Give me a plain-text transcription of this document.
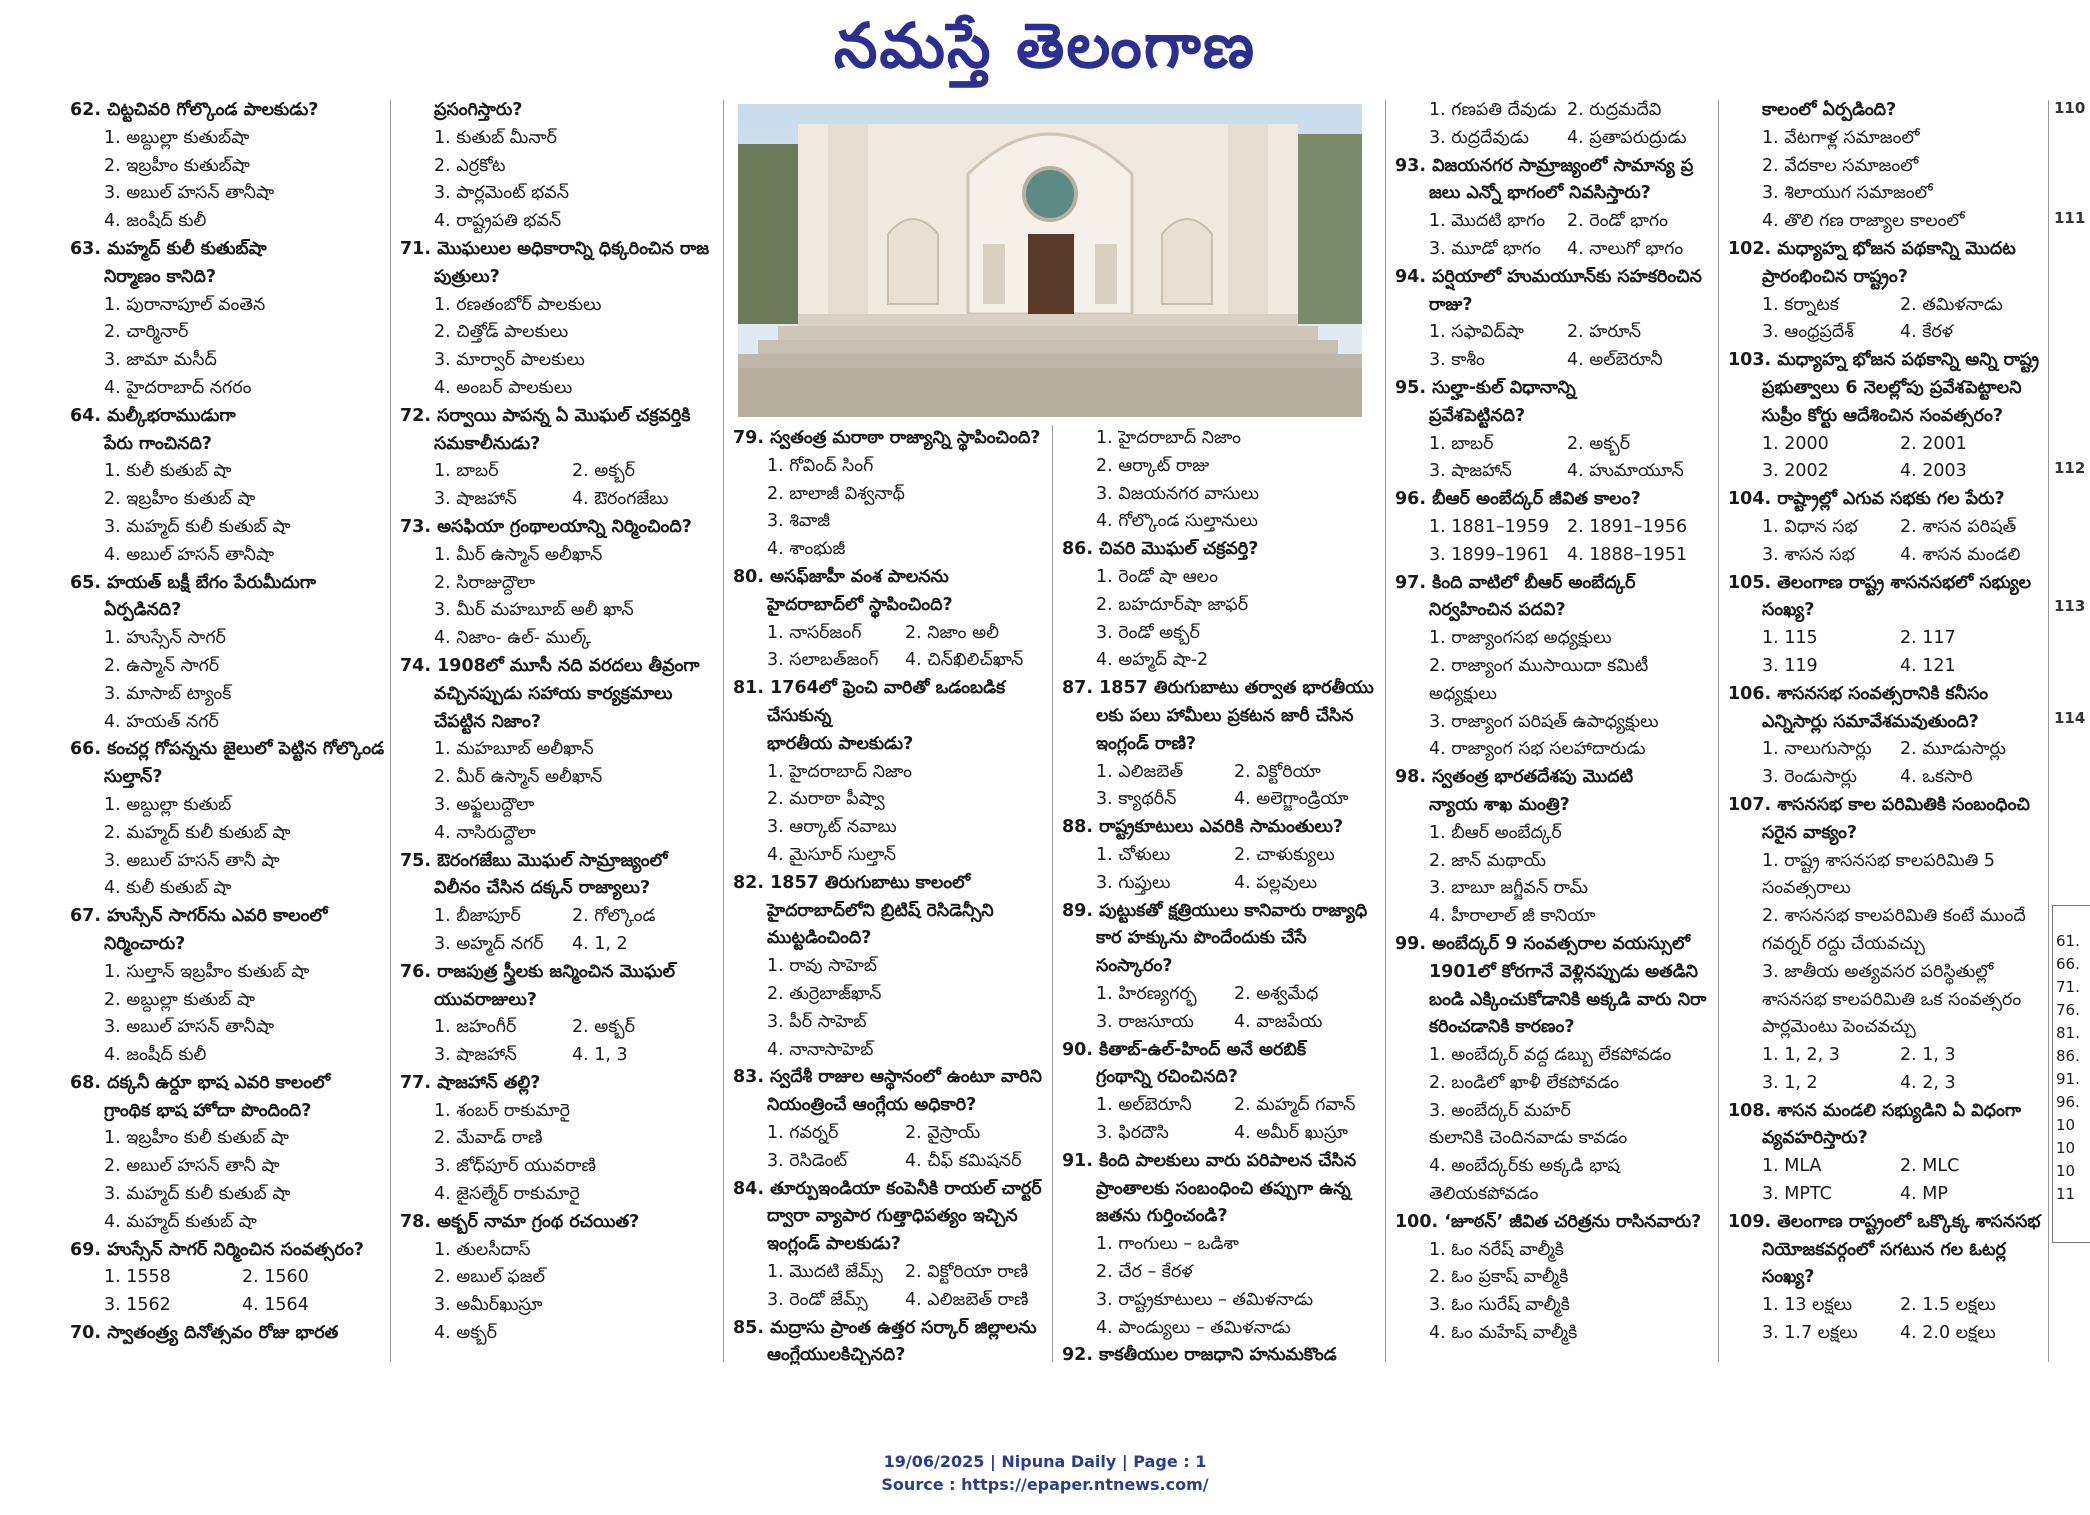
నమస్తే తెలంగాణ
62. చిట్టచివరి గోల్కొండ పాలకుడు?
1. అబ్దుల్లా కుతుబ్‌షా
2. ఇబ్రహీం కుతుబ్‌షా
3. అబుల్ హసన్ తానీషా
4. జంషీద్ కులీ
63. మహ్మద్ కులీ కుతుబ్‌షా
నిర్మాణం కానిది?
1. పురానాపూల్ వంతెన
2. చార్మినార్
3. జామా మసీద్
4. హైదరాబాద్ నగరం
64. మల్కీభరాముడుగా
పేరు గాంచినది?
1. కులీ కుతుబ్ షా
2. ఇబ్రహీం కుతుబ్ షా
3. మహ్మద్ కులీ కుతుబ్ షా
4. అబుల్ హసన్ తానీషా
65. హయత్ బక్షీ బేగం పేరుమీదుగా
ఏర్పడినది?
1. హుస్సేన్ సాగర్
2. ఉస్మాన్ సాగర్
3. మాసాబ్ ట్యాంక్
4. హయత్ నగర్
66. కంచర్ల గోపన్నను జైలులో పెట్టిన గోల్కొండ
సుల్తాన్?
1. అబ్దుల్లా కుతుబ్
2. మహ్మద్ కులీ కుతుబ్ షా
3. అబుల్ హసన్ తానీ షా
4. కులీ కుతుబ్ షా
67. హుస్సేన్ సాగర్‌ను ఎవరి కాలంలో
నిర్మించారు?
1. సుల్తాన్ ఇబ్రహీం కుతుబ్ షా
2. అబ్దుల్లా కుతుబ్ షా
3. అబుల్ హసన్ తానీషా
4. జంషీద్ కులీ
68. దక్కనీ ఉర్దూ భాష ఎవరి కాలంలో
గ్రాంథిక భాష హోదా పొందింది?
1. ఇబ్రహీం కులీ కుతుబ్ షా
2. అబుల్ హసన్ తానీ షా
3. మహ్మద్ కులీ కుతుబ్ షా
4. మహ్మద్ కుతుబ్ షా
69. హుస్సేన్ సాగర్ నిర్మించిన సంవత్సరం?
1. 1558	2. 1560
3. 1562	4. 1564
70. స్వాతంత్ర్య దినోత్సవం రోజు భారత
ప్రసంగిస్తారు?
1. కుతుబ్ మీనార్
2. ఎర్రకోట
3. పార్లమెంట్ భవన్
4. రాష్ట్రపతి భవన్
71. మొఘలుల అధికారాన్ని ధిక్కరించిన రాజ
పుత్రులు?
1. రణతంబోర్ పాలకులు
2. చిత్తోడ్ పాలకులు
3. మార్వార్ పాలకులు
4. అంబర్ పాలకులు
72. సర్వాయి పాపన్న ఏ మొఘల్ చక్రవర్తికి
సమకాలీనుడు?
1. బాబర్	2. అక్బర్
3. షాజహాన్	4. ఔరంగజేబు
73. అసఫియా గ్రంథాలయాన్ని నిర్మించింది?
1. మీర్ ఉస్మాన్ అలీఖాన్
2. సిరాజుద్దౌలా
3. మీర్ మహబూబ్ అలీ ఖాన్
4. నిజాం- ఉల్- ముల్క్
74. 1908లో మూసీ నది వరదలు తీవ్రంగా
వచ్చినప్పుడు సహాయ కార్యక్రమాలు
చేపట్టిన నిజాం?
1. మహబూబ్ అలీఖాన్
2. మీర్ ఉస్మాన్ అలీఖాన్
3. అఫ్జలుద్దౌలా
4. నాసిరుద్దౌలా
75. ఔరంగజేబు మొఘల్ సామ్రాజ్యంలో
విలీనం చేసిన దక్కన్ రాజ్యాలు?
1. బీజాపూర్	2. గోల్కొండ
3. అహ్మద్ నగర్	4. 1, 2
76. రాజపుత్ర స్త్రీలకు జన్మించిన మొఘల్
యువరాజులు?
1. జహంగీర్	2. అక్బర్
3. షాజహాన్	4. 1, 3
77. షాజహాన్ తల్లి?
1. శంబర్ రాకుమారై
2. మేవాడ్ రాణి
3. జోధ్‌పూర్ యువరాణి
4. జైసల్మేర్ రాకుమారై
78. అక్బర్ నామా గ్రంథ రచయిత?
1. తులసీదాస్
2. అబుల్ ఫజల్
3. అమీర్‌ఖుస్రూ
4. అక్బర్
79. స్వతంత్ర మరాఠా రాజ్యాన్ని స్థాపించింది?
1. గోవింద్ సింగ్
2. బాలాజీ విశ్వనాథ్
3. శివాజీ
4. శాంభుజీ
80. అసఫ్‌జాహీ వంశ పాలనను
హైదరాబాద్‌లో స్థాపించింది?
1. నాసర్‌జంగ్	2. నిజాం అలీ
3. సలాబత్‌జంగ్	4. చిన్‌ఖిలిచ్‌ఖాన్
81. 1764లో ఫ్రెంచి వారితో ఒడంబడిక
చేసుకున్న
భారతీయ పాలకుడు?
1. హైదరాబాద్ నిజాం
2. మరాఠా పీష్వా
3. ఆర్కాట్ నవాబు
4. మైసూర్ సుల్తాన్
82. 1857 తిరుగుబాటు కాలంలో
హైదరాబాద్‌లోని బ్రిటిష్ రెసిడెన్సీని
ముట్టడించింది?
1. రావు సాహెబ్
2. తుర్రెబాజ్‌ఖాన్
3. పీర్ సాహెబ్
4. నానాసాహెబ్
83. స్వదేశీ రాజుల ఆస్థానంలో ఉంటూ వారిని
నియంత్రించే ఆంగ్లేయ అధికారి?
1. గవర్నర్	2. వైస్రాయ్
3. రెసిడెంట్	4. చీఫ్ కమిషనర్
84. తూర్పుఇండియా కంపెనీకి రాయల్ చార్టర్
ద్వారా వ్యాపార గుత్తాధిపత్యం ఇచ్చిన
ఇంగ్లండ్ పాలకుడు?
1. మొదటి జేమ్స్	2. విక్టోరియా రాణి
3. రెండో జేమ్స్	4. ఎలిజబెత్ రాణి
85. మద్రాసు ప్రాంత ఉత్తర సర్కార్ జిల్లాలను
ఆంగ్లేయులకిచ్చినది?
1. హైదరాబాద్ నిజాం
2. ఆర్కాట్ రాజు
3. విజయనగర వాసులు
4. గోల్కొండ సుల్తానులు
86. చివరి మొఘల్ చక్రవర్తి?
1. రెండో షా ఆలం
2. బహదూర్‌షా జాఫర్
3. రెండో అక్బర్
4. అహ్మద్ షా-2
87. 1857 తిరుగుబాటు తర్వాత భారతీయు
లకు పలు హామీలు ప్రకటన జారీ చేసిన
ఇంగ్లండ్ రాణి?
1. ఎలిజబెత్	2. విక్టోరియా
3. క్యాథరీన్	4. అలెగ్జాండ్రియా
88. రాష్ట్రకూటులు ఎవరికి సామంతులు?
1. చోళులు	2. చాళుక్యులు
3. గుప్తులు	4. పల్లవులు
89. పుట్టుకతో క్షత్రియులు కానివారు రాజ్యాధి
కార హక్కును పొందేందుకు చేసే సంస్కారం?
1. హిరణ్యగర్భ	2. అశ్వమేధ
3. రాజసూయ	4. వాజపేయ
90. కితాబ్-ఉల్-హింద్ అనే అరబిక్
గ్రంథాన్ని రచించినది?
1. అల్‌బెరూనీ	2. మహ్మద్ గవాన్
3. ఫిరదౌసి	4. అమీర్ ఖుస్రూ
91. కింది పాలకులు వారు పరిపాలన చేసిన
ప్రాంతాలకు సంబంధించి తప్పుగా ఉన్న
జతను గుర్తించండి?
1. గాంగులు – ఒడిశా
2. చేర – కేరళ
3. రాష్ట్రకూటులు – తమిళనాడు
4. పాండ్యులు – తమిళనాడు
92. కాకతీయుల రాజధాని హనుమకొండ
1. గణపతి దేవుడు 2. రుద్రమదేవి
3. రుద్రదేవుడు	4. ప్రతాపరుద్రుడు
93. విజయనగర సామ్రాజ్యంలో సామాన్య ప్ర
జలు ఎన్నో భాగంలో నివసిస్తారు?
1. మొదటి భాగం	2. రెండో భాగం
3. మూడో భాగం	4. నాలుగో భాగం
94. పర్షియాలో హుమయూన్‌కు సహకరించిన
రాజు?
1. సఫావిద్‌షా	2. హరూన్
3. కాశీం	4. అల్‌బెరూనీ
95. సుల్హా-కుల్ విధానాన్ని
ప్రవేశపెట్టినది?
1. బాబర్	2. అక్బర్
3. షాజహాన్	4. హుమాయూన్
96. బీఆర్ అంబేద్కర్ జీవిత కాలం?
1. 1881–1959	2. 1891–1956
3. 1899–1961	4. 1888–1951
97. కింది వాటిలో బీఆర్ అంబేద్కర్
నిర్వహించిన పదవి?
1. రాజ్యాంగసభ అధ్యక్షులు
2. రాజ్యాంగ ముసాయిదా కమిటీ
అధ్యక్షులు
3. రాజ్యాంగ పరిషత్ ఉపాధ్యక్షులు
4. రాజ్యాంగ సభ సలహాదారుడు
98. స్వతంత్ర భారతదేశపు మొదటి
న్యాయ శాఖ మంత్రి?
1. బీఆర్ అంబేద్కర్
2. జాన్ మథాయ్
3. బాబూ జగ్జీవన్ రామ్
4. హీరాలాల్ జీ కానియా
99. అంబేద్కర్ 9 సంవత్సరాల వయస్సులో
1901లో కోరగానే వెళ్లినప్పుడు అతడిని
బండి ఎక్కించుకోడానికి అక్కడి వారు నిరా
కరించడానికి కారణం?
1. అంబేద్కర్ వద్ద డబ్బు లేకపోవడం
2. బండిలో ఖాళీ లేకపోవడం
3. అంబేద్కర్ మహర్
కులానికి చెందినవాడు కావడం
4. అంబేద్కర్‌కు అక్కడి భాష
తెలియకపోవడం
100. ‘జూఠన్’ జీవిత చరిత్రను రాసినవారు?
1. ఓం నరేష్ వాల్మీకి
2. ఓం ప్రకాష్ వాల్మీకి
3. ఓం సురేష్ వాల్మీకి
4. ఓం మహేష్ వాల్మీకి
కాలంలో ఏర్పడింది?
1. వేటగాళ్ల సమాజంలో
2. వేదకాల సమాజంలో
3. శిలాయుగ సమాజంలో
4. తొలి గణ రాజ్యాల కాలంలో
102. మధ్యాహ్న భోజన పథకాన్ని మొదట
ప్రారంభించిన రాష్ట్రం?
1. కర్నాటక	2. తమిళనాడు
3. ఆంధ్రప్రదేశ్	4. కేరళ
103. మధ్యాహ్న భోజన పథకాన్ని అన్ని రాష్ట్ర
ప్రభుత్వాలు 6 నెలల్లోపు ప్రవేశపెట్టాలని
సుప్రీం కోర్టు ఆదేశించిన సంవత్సరం?
1. 2000	2. 2001
3. 2002	4. 2003
104. రాష్ట్రాల్లో ఎగువ సభకు గల పేరు?
1. విధాన సభ	2. శాసన పరిషత్
3. శాసన సభ	4. శాసన మండలి
105. తెలంగాణ రాష్ట్ర శాసనసభలో సభ్యుల
సంఖ్య?
1. 115	2. 117
3. 119	4. 121
106. శాసనసభ సంవత్సరానికి కనీసం
ఎన్నిసార్లు సమావేశమవుతుంది?
1. నాలుగుసార్లు	2. మూడుసార్లు
3. రెండుసార్లు	4. ఒకసారి
107. శాసనసభ కాల పరిమితికి సంబంధించి
సరైన వాక్యం?
1. రాష్ట్ర శాసనసభ కాలపరిమితి 5
సంవత్సరాలు
2. శాసనసభ కాలపరిమితి కంటే ముందే
గవర్నర్ రద్దు చేయవచ్చు
3. జాతీయ అత్యవసర పరిస్థితుల్లో
శాసనసభ కాలపరిమితి ఒక సంవత్సరం
పార్లమెంటు పెంచవచ్చు
1. 1, 2, 3	2. 1, 3
3. 1, 2	4. 2, 3
108. శాసన మండలి సభ్యుడిని ఏ విధంగా
వ్యవహరిస్తారు?
1. MLA	2. MLC
3. MPTC	4. MP
109. తెలంగాణ రాష్ట్రంలో ఒక్కొక్క శాసనసభ
నియోజకవర్గంలో సగటున గల ఓటర్ల
సంఖ్య?
1. 13 లక్షలు	2. 1.5 లక్షలు
3. 1.7 లక్షలు	4. 2.0 లక్షలు
110
111
112
113
114
61.
66.
71.
76.
81.
86.
91.
96.
10
10
10
11
19/06/2025 | Nipuna Daily | Page : 1
Source : https://epaper.ntnews.com/
